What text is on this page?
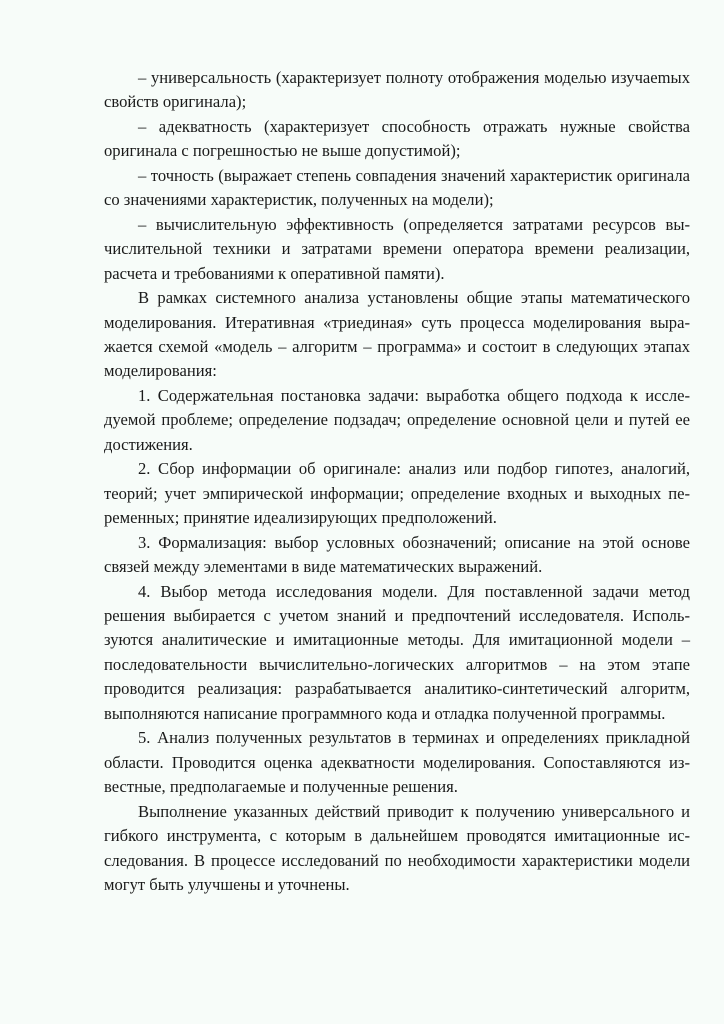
– универсальность (характеризует полноту отображения моделью изучаеmых свойств оригинала);

– адекватность (характеризует способность отражать нужные свойства оригинала с погрешностью не выше допустимой);

– точность (выражает степень совпадения значений характеристик оригинала со значениями характеристик, полученных на модели);

– вычислительную эффективность (определяется затратами ресурсов вычислительной техники и затратами времени оператора времени реализации, расчета и требованиями к оперативной памяти).

В рамках системного анализа установлены общие этапы математического моделирования. Итеративная «триединая» суть процесса моделирования выражается схемой «модель – алгоритм – программа» и состоит в следующих этапах моделирования:

1. Содержательная постановка задачи: выработка общего подхода к исследуемой проблеме; определение подзадач; определение основной цели и путей ее достижения.

2. Сбор информации об оригинале: анализ или подбор гипотез, аналогий, теорий; учет эмпирической информации; определение входных и выходных переменных; принятие идеализирующих предположений.

3. Формализация: выбор условных обозначений; описание на этой основе связей между элементами в виде математических выражений.

4. Выбор метода исследования модели. Для поставленной задачи метод решения выбирается с учетом знаний и предпочтений исследователя. Используются аналитические и имитационные методы. Для имитационной модели – последовательности вычислительно-логических алгоритмов – на этом этапе проводится реализация: разрабатывается аналитико-синтетический алгоритм, выполняются написание программного кода и отладка полученной программы.

5. Анализ полученных результатов в терминах и определениях прикладной области. Проводится оценка адекватности моделирования. Сопоставляются известные, предполагаемые и полученные решения.

Выполнение указанных действий приводит к получению универсального и гибкого инструмента, с которым в дальнейшем проводятся имитационные исследования. В процессе исследований по необходимости характеристики модели могут быть улучшены и уточнены.
